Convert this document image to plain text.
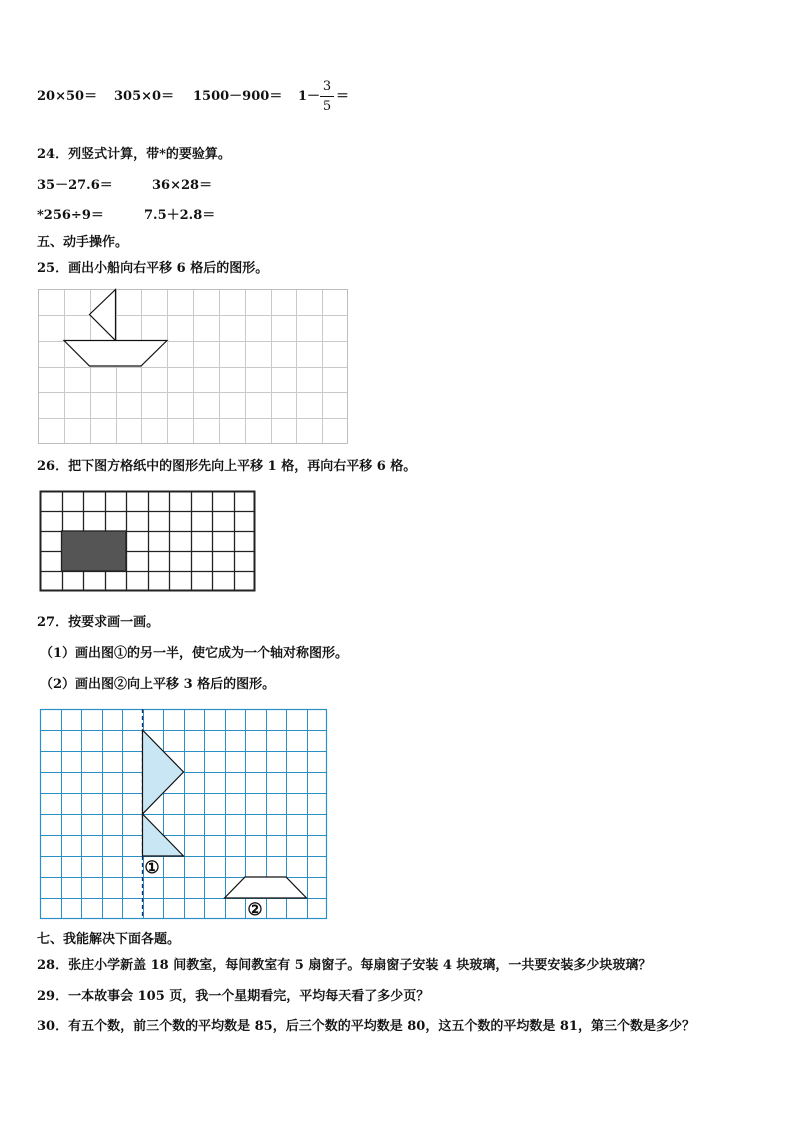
20×50＝ 305×0＝ 1500－900＝ 1－
3
5
＝
24．列竖式计算，带*的要验算。
35－27.6＝	36×28＝
*256÷9＝	7.5＋2.8＝
五、动手操作。
25．画出小船向右平移 6 格后的图形。
26．把下图方格纸中的图形先向上平移 1 格，再向右平移 6 格。
27．按要求画一画。
（1）画出图①的另一半，使它成为一个轴对称图形。
（2）画出图②向上平移 3 格后的图形。
①
②
七、我能解决下面各题。
28．张庄小学新盖 18 间教室，每间教室有 5 扇窗子。每扇窗子安装 4 块玻璃，一共要安装多少块玻璃？
29．一本故事会 105 页，我一个星期看完，平均每天看了多少页？
30．有五个数，前三个数的平均数是 85，后三个数的平均数是 80，这五个数的平均数是 81，第三个数是多少？
